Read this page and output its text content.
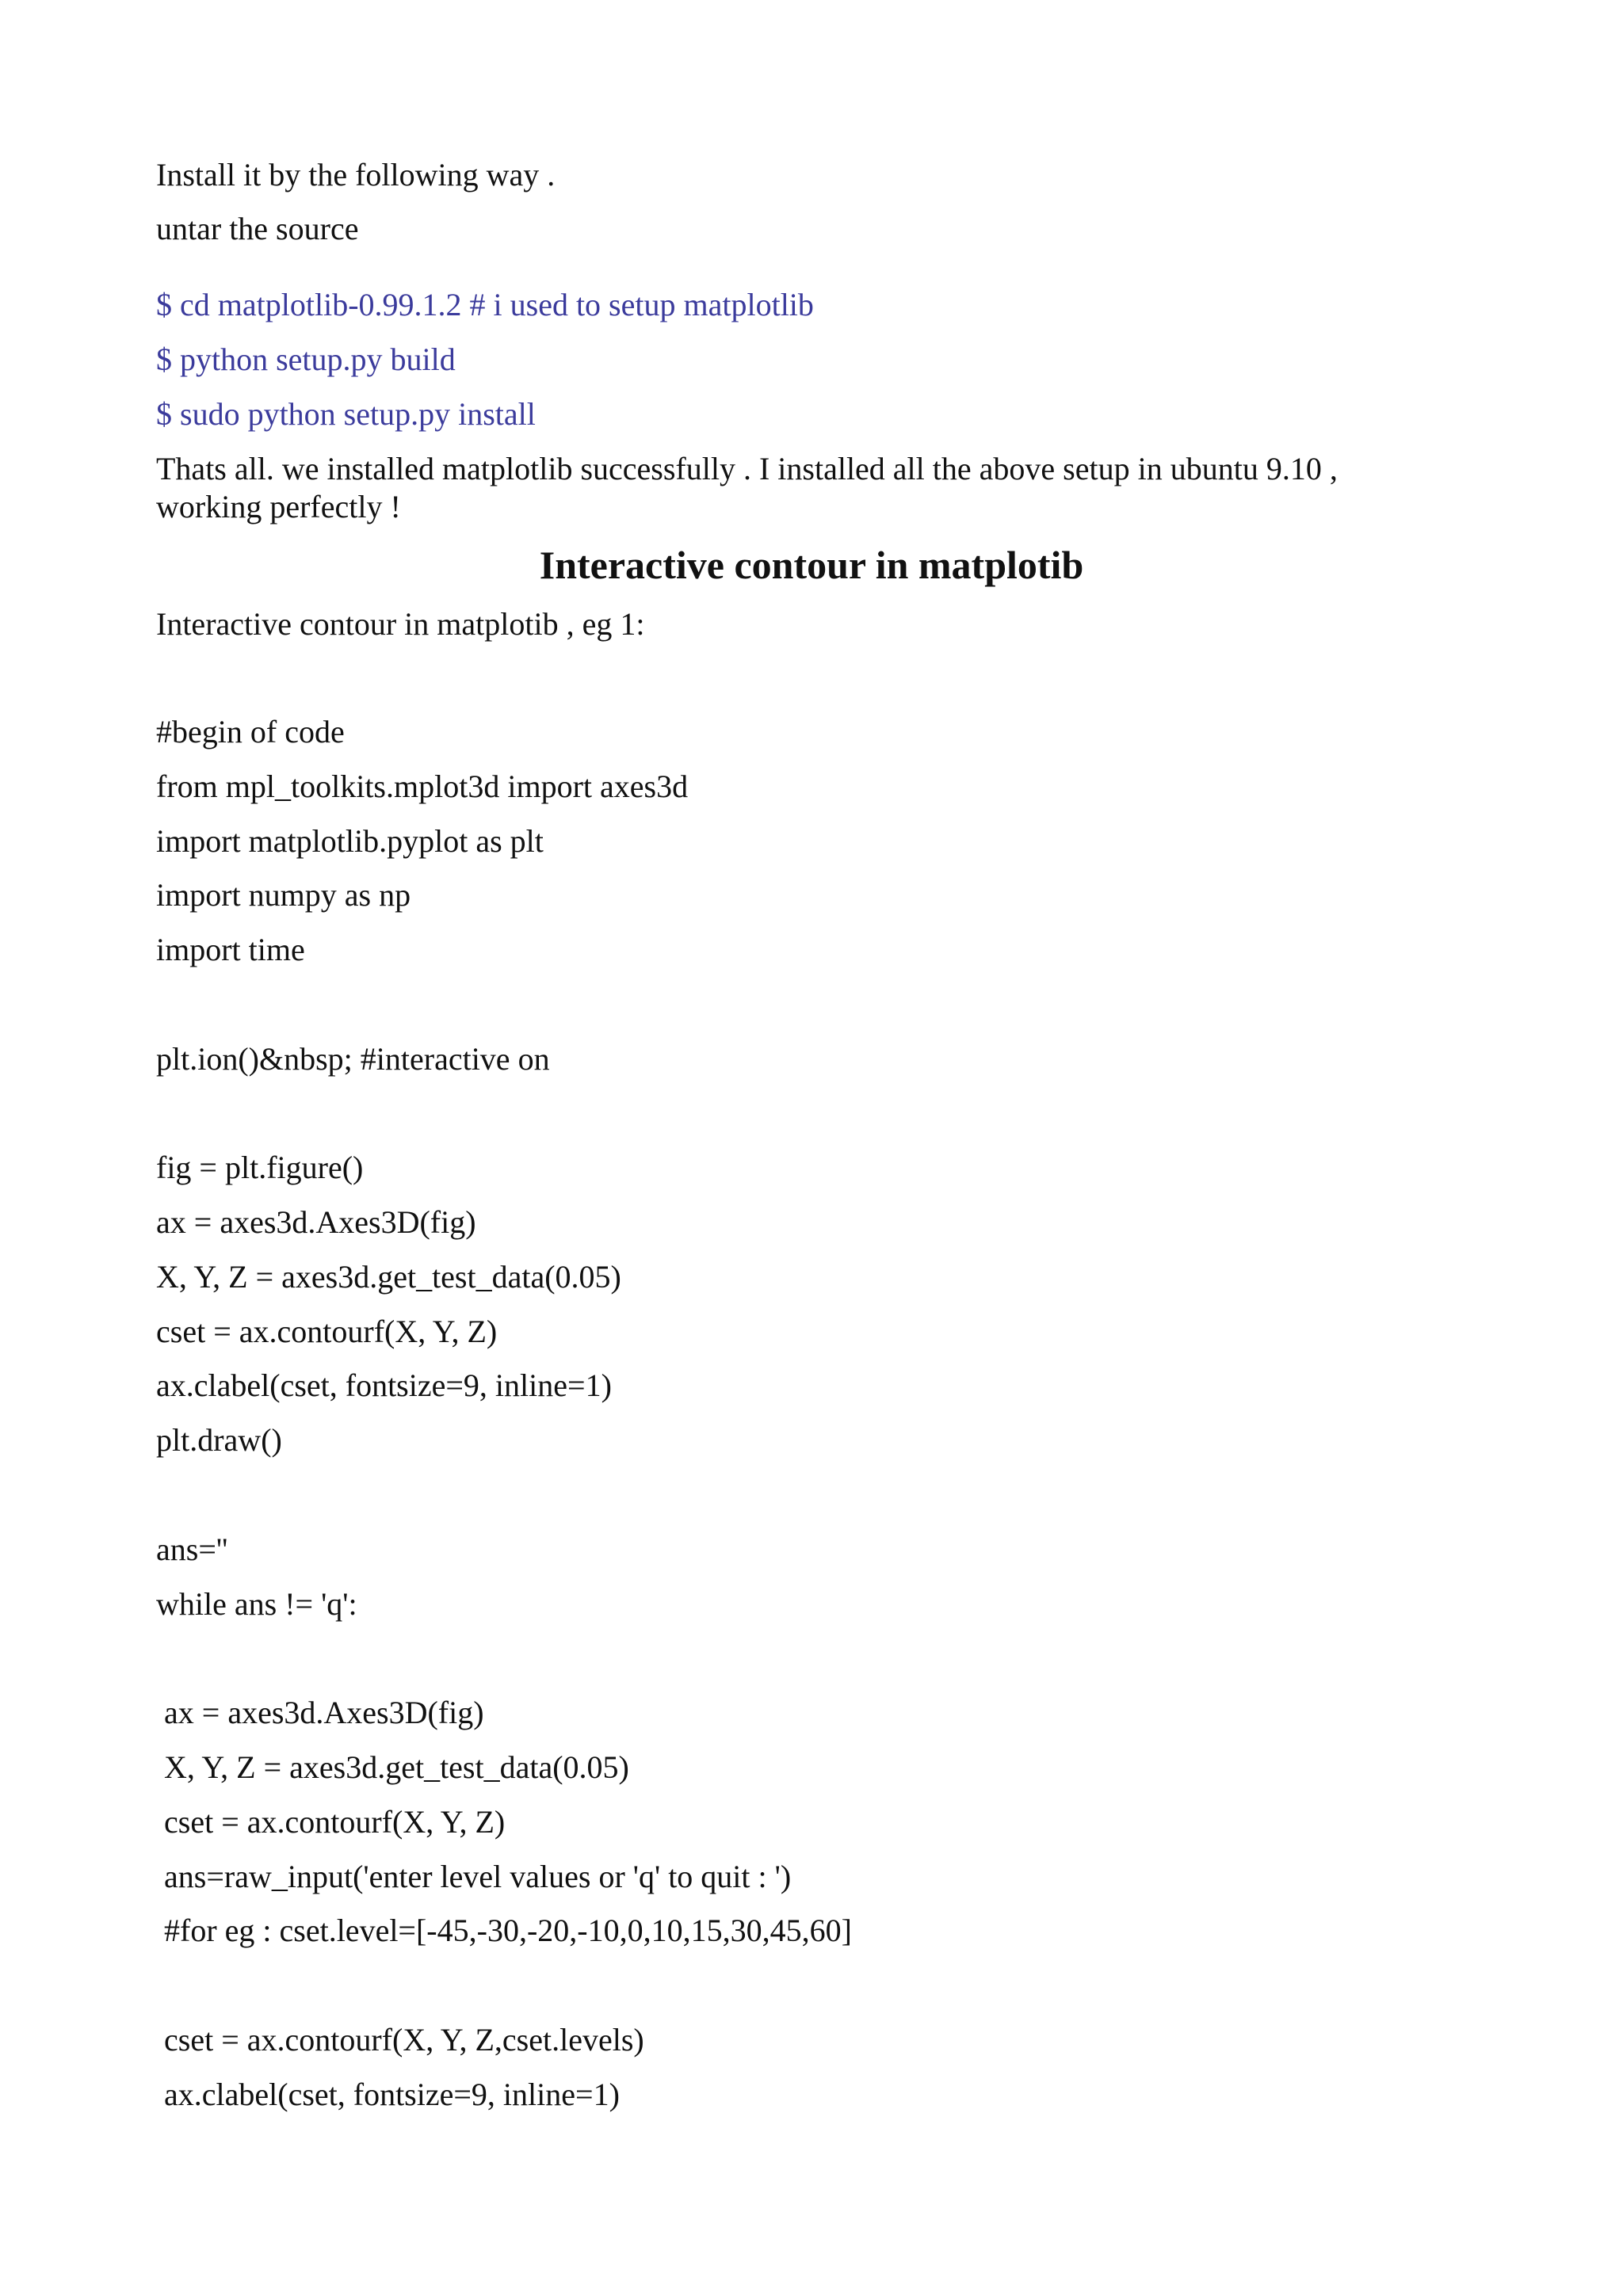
Install it by the following way .
untar the source
$ cd matplotlib-0.99.1.2 # i used to setup matplotlib
$ python setup.py build
$ sudo python setup.py install
Thats all. we installed matplotlib successfully . I installed all the above setup in ubuntu 9.10 , working perfectly !
Interactive contour in matplotib
Interactive contour in matplotib , eg 1:
#begin of code
from mpl_toolkits.mplot3d import axes3d
import matplotlib.pyplot as plt
import numpy as np
import time
plt.ion()&nbsp; #interactive on
fig = plt.figure()
ax = axes3d.Axes3D(fig)
X, Y, Z = axes3d.get_test_data(0.05)
cset = ax.contourf(X, Y, Z)
ax.clabel(cset, fontsize=9, inline=1)
plt.draw()
ans=''
while ans != 'q':
ax = axes3d.Axes3D(fig)
X, Y, Z = axes3d.get_test_data(0.05)
cset = ax.contourf(X, Y, Z)
ans=raw_input('enter level values or 'q' to quit : ')
#for eg : cset.level=[-45,-30,-20,-10,0,10,15,30,45,60]
cset = ax.contourf(X, Y, Z,cset.levels)
ax.clabel(cset, fontsize=9, inline=1)
